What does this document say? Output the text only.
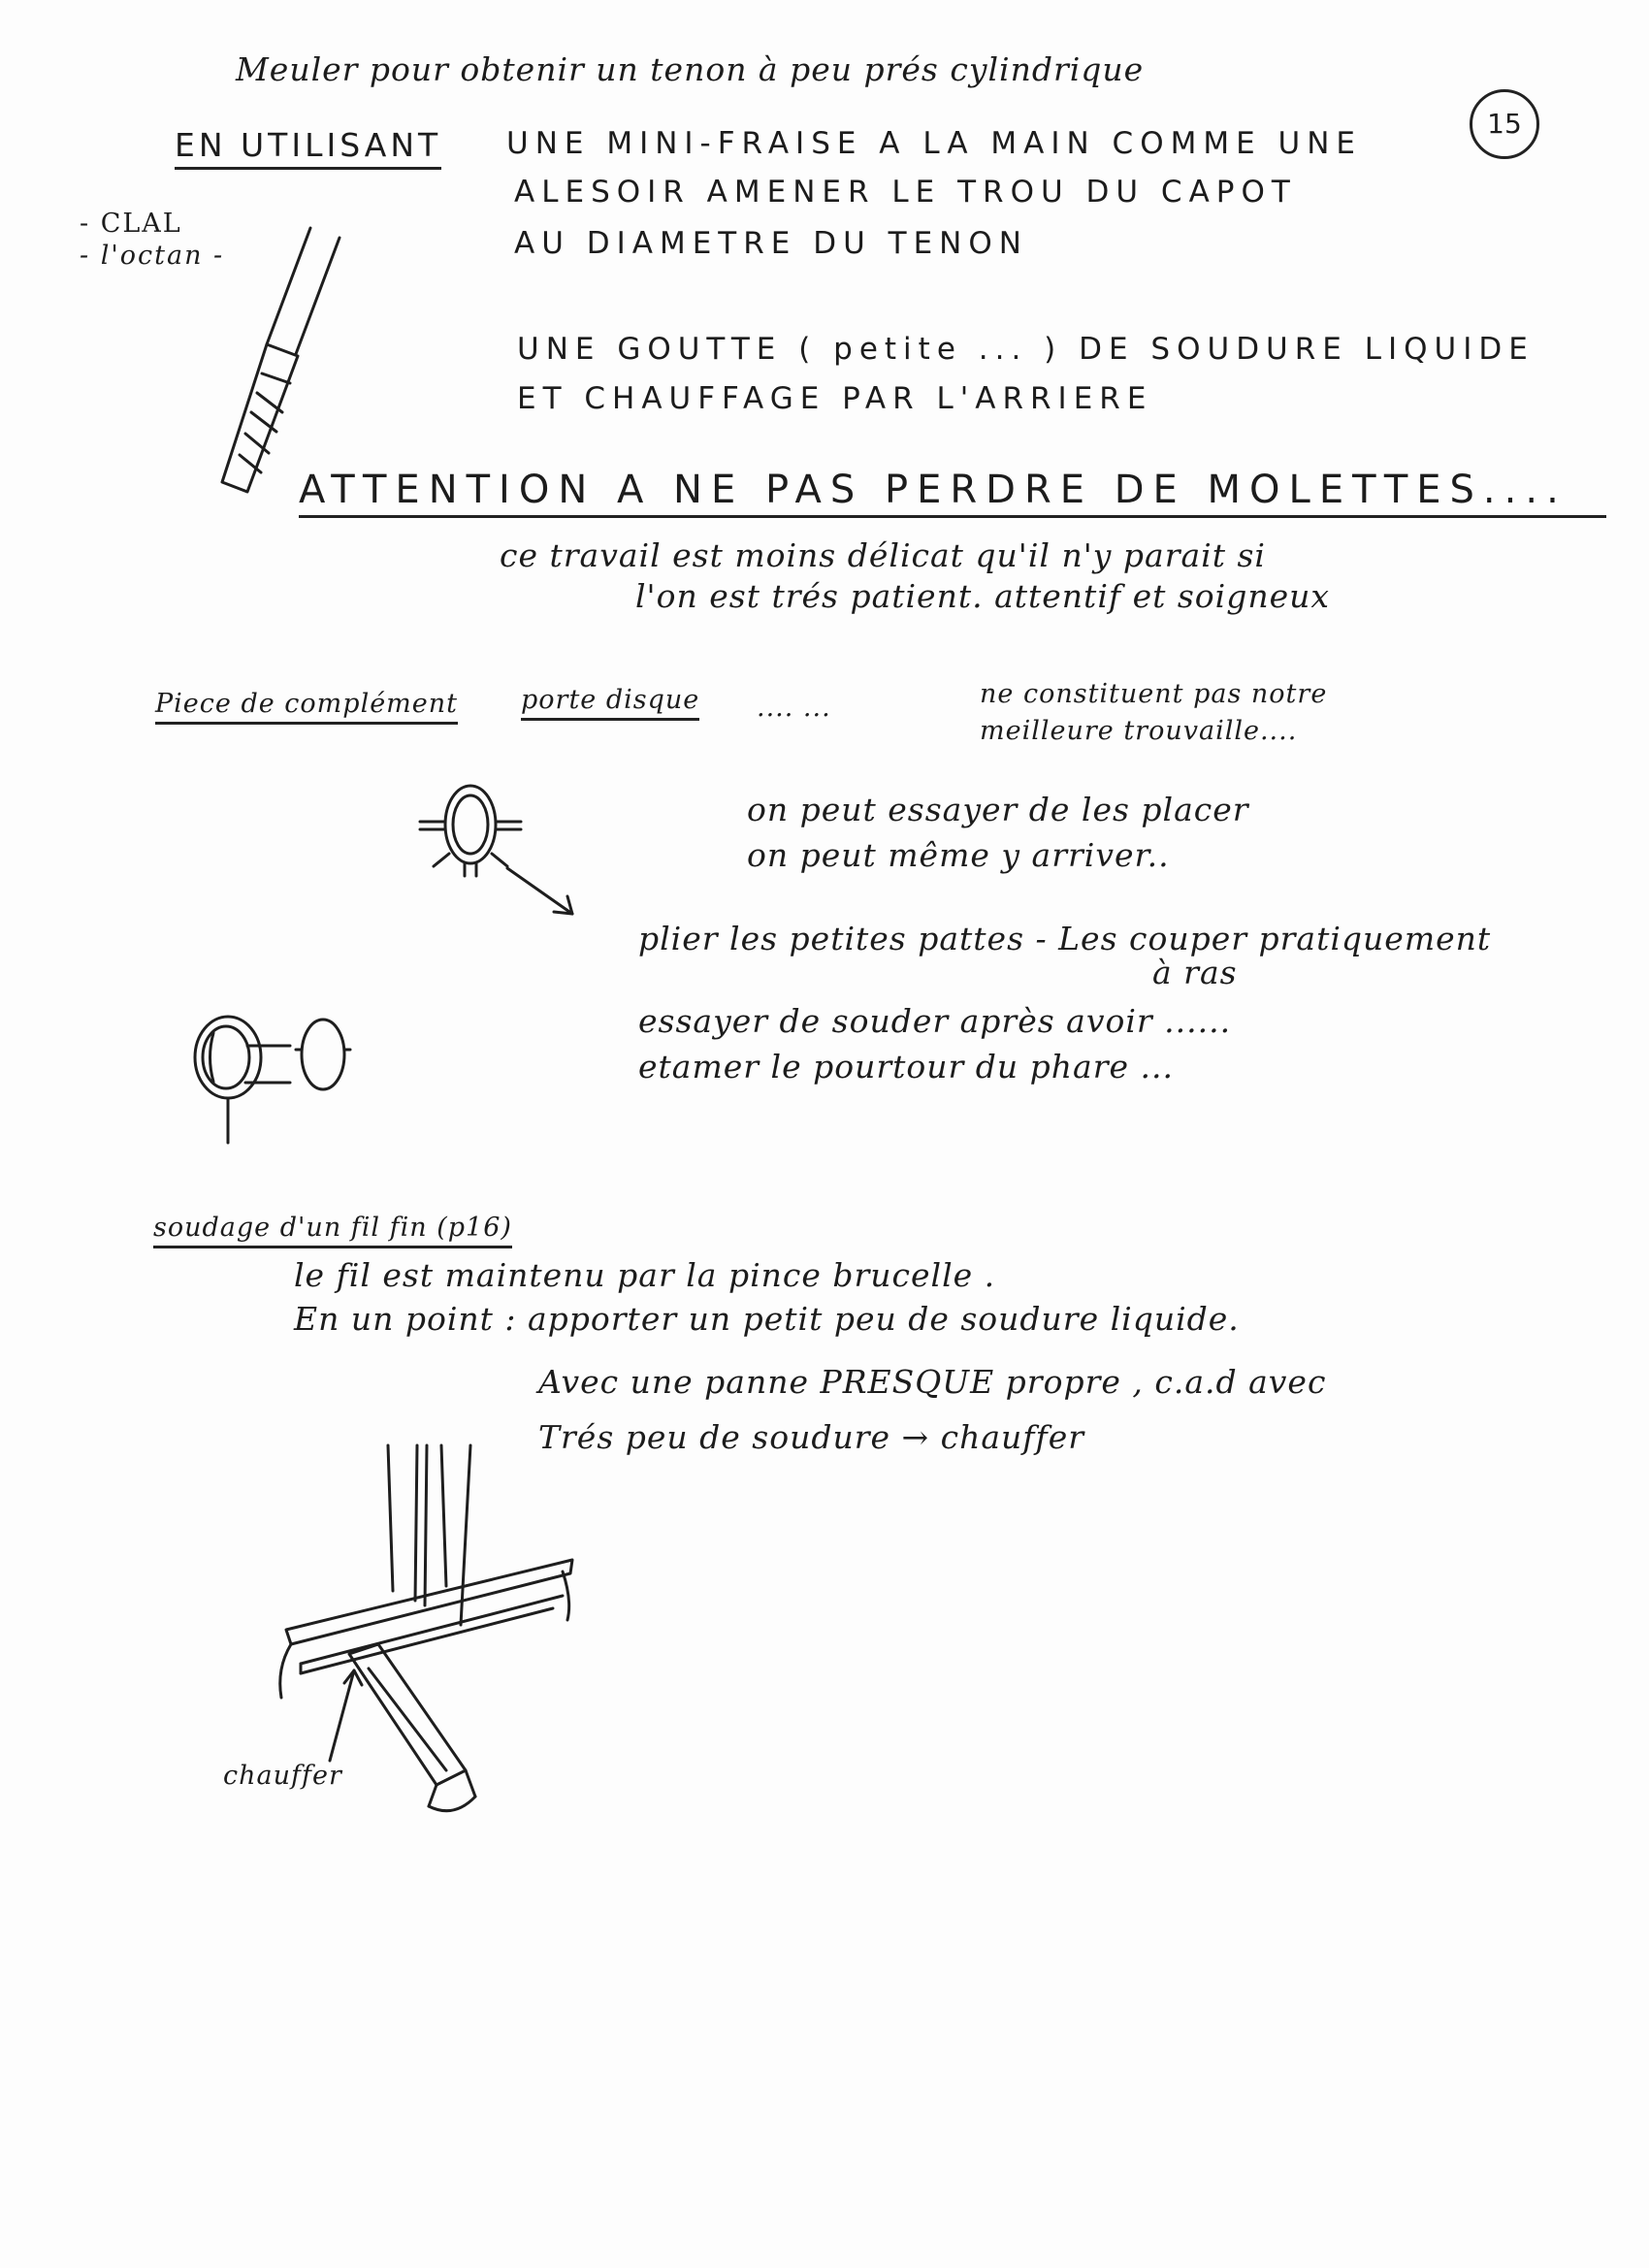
15
Meuler pour obtenir un tenon à peu prés cylindrique
EN UTILISANT UNE MINI-FRAISE A LA MAIN COMME UNE
ALESOIR AMENER LE TROU DU CAPOT
AU DIAMETRE DU TENON
- CLAL
- l'octan -
UNE GOUTTE ( petite ... ) DE SOUDURE LIQUIDE
ET CHAUFFAGE PAR L'ARRIERE
ATTENTION A NE PAS PERDRE DE MOLETTES....
ce travail est moins délicat qu'il n'y parait si
l'on est trés patient. attentif et soigneux
Piece de complément porte disque .... ...	ne constituent pas notre
meilleure trouvaille....
on peut essayer de les placer
on peut même y arriver..
plier les petites pattes - Les couper pratiquement
à ras
essayer de souder après avoir ......
etamer le pourtour du phare ...
soudage d'un fil fin (p16)
le fil est maintenu par la pince brucelle .
En un point : apporter un petit peu de soudure liquide.
Avec une panne PRESQUE propre , c.a.d avec
Trés peu de soudure → chauffer
chauffer
